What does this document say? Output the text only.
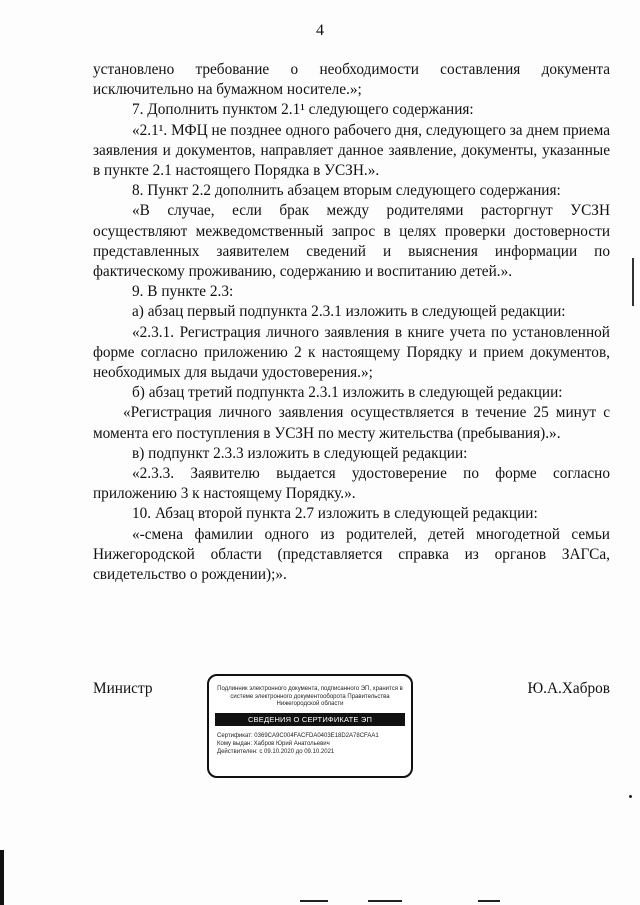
4

установлено требование о необходимости составления документа исключительно на бумажном носителе.»;

7. Дополнить пунктом 2.1¹ следующего содержания:

«2.1¹. МФЦ не позднее одного рабочего дня, следующего за днем приема заявления и документов, направляет данное заявление, документы, указанные в пункте 2.1 настоящего Порядка в УСЗН.».

8. Пункт 2.2 дополнить абзацем вторым следующего содержания:

«В случае, если брак между родителями расторгнут УСЗН осуществляют межведомственный запрос в целях проверки достоверности представленных заявителем сведений и выяснения информации по фактическому проживанию, содержанию и воспитанию детей.».

9. В пункте 2.3:

а) абзац первый подпункта 2.3.1 изложить в следующей редакции:

«2.3.1. Регистрация личного заявления в книге учета по установленной форме согласно приложению 2 к настоящему Порядку и прием документов, необходимых для выдачи удостоверения.»;

б) абзац третий подпункта 2.3.1 изложить в следующей редакции:

«Регистрация личного заявления осуществляется в течение 25 минут с момента его поступления в УСЗН по месту жительства (пребывания).».

в) подпункт 2.3.3 изложить в следующей редакции:

«2.3.3. Заявителю выдается удостоверение по форме согласно приложению 3 к настоящему Порядку.».

10. Абзац второй пункта 2.7 изложить в следующей редакции:

«-смена фамилии одного из родителей, детей многодетной семьи Нижегородской области (представляется справка из органов ЗАГСа, свидетельство о рождении);».

Министр	Подлинник электронного документа, подписанного ЭП, хранится в системе электронного документооборота Правительства Нижегородской области
СВЕДЕНИЯ О СЕРТИФИКАТЕ ЭП
Сертификат: 0369CA9C004FACFDA0403E18D2A78CFAA1
Кому выдан: Хабров Юрий Анатольевич
Действителен: с 09.10.2020 до 09.10.2021
Ю.А.Хабров
